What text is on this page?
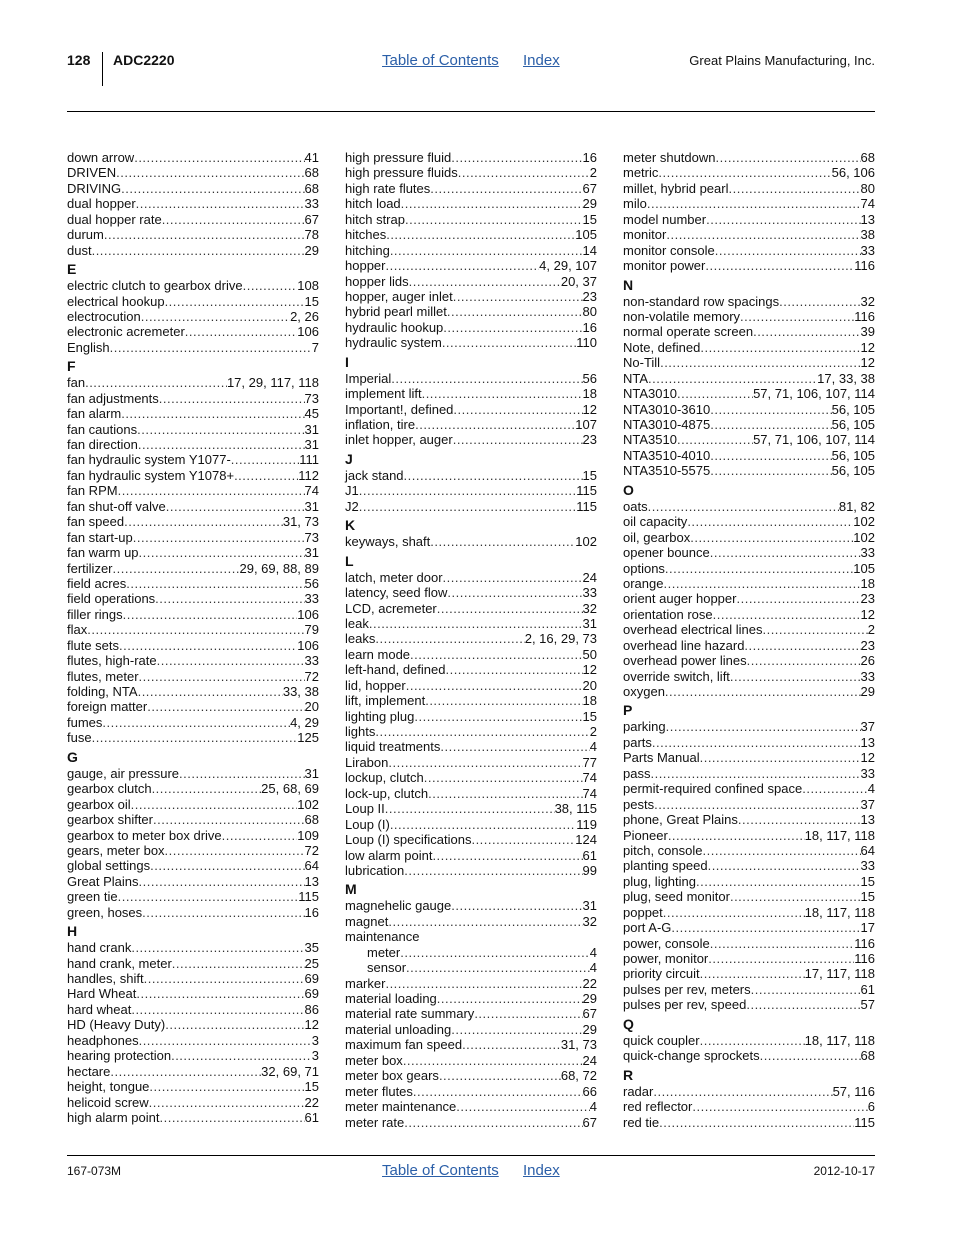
128 ADC2220	Table of Contents Index	Great Plains Manufacturing, Inc.
down arrow .....	41
DRIVEN .....	68
DRIVING .....	68
dual hopper .....	33
dual hopper rate .....	67
durum .....	78
dust .....	29
E
electric clutch to gearbox drive .....	108
electrical hookup .....	15
electrocution .....	2, 26
electronic acremeter .....	106
English .....	7
F
fan .....	17, 29, 117, 118
fan adjustments .....	73
fan alarm .....	45
fan cautions .....	31
fan direction .....	31
fan hydraulic system Y1077- .....	111
fan hydraulic system Y1078+ .....	112
fan RPM .....	74
fan shut-off valve .....	31
fan speed .....	31, 73
fan start-up .....	73
fan warm up .....	31
fertilizer .....	29, 69, 88, 89
field acres .....	56
field operations .....	33
filler rings .....	106
flax .....	79
flute sets .....	106
flutes, high-rate .....	33
flutes, meter .....	72
folding, NTA .....	33, 38
foreign matter .....	20
fumes .....	4, 29
fuse .....	125
G
gauge, air pressure .....	31
gearbox clutch .....	25, 68, 69
gearbox oil .....	102
gearbox shifter .....	68
gearbox to meter box drive .....	109
gears, meter box .....	72
global settings .....	64
Great Plains .....	13
green tie .....	115
green, hoses .....	16
H
hand crank .....	35
hand crank, meter .....	25
handles, shift .....	69
Hard Wheat .....	69
hard wheat .....	86
HD (Heavy Duty) .....	12
headphones .....	3
hearing protection .....	3
hectare .....	32, 69, 71
height, tongue .....	15
helicoid screw .....	22
high alarm point .....	61
high pressure fluid .....	16
high pressure fluids .....	2
high rate flutes .....	67
hitch load .....	29
hitch strap .....	15
hitches .....	105
hitching .....	14
hopper .....	4, 29, 107
hopper lids .....	20, 37
hopper, auger inlet .....	23
hybrid pearl millet .....	80
hydraulic hookup .....	16
hydraulic system .....	110
I
Imperial .....	56
implement lift .....	18
Important!, defined .....	12
inflation, tire .....	107
inlet hopper, auger .....	23
J
jack stand .....	15
J1 .....	115
J2 .....	115
K
keyways, shaft .....	102
L
latch, meter door .....	24
latency, seed flow .....	33
LCD, acremeter .....	32
leak .....	31
leaks .....	2, 16, 29, 73
learn mode .....	50
left-hand, defined .....	12
lid, hopper .....	20
lift, implement .....	18
lighting plug .....	15
lights .....	2
liquid treatments .....	4
Lirabon .....	77
lockup, clutch .....	74
lock-up, clutch .....	74
Loup II .....	38, 115
Loup (I) .....	119
Loup (I) specifications .....	124
low alarm point .....	61
lubrication .....	99
M
magnehelic gauge .....	31
magnet .....	32
maintenance
meter .....	4
sensor .....	4
marker .....	22
material loading .....	29
material rate summary .....	67
material unloading .....	29
maximum fan speed .....	31, 73
meter box .....	24
meter box gears .....	68, 72
meter flutes .....	66
meter maintenance .....	4
meter rate .....	67
meter shutdown .....	68
metric .....	56, 106
millet, hybrid pearl .....	80
milo .....	74
model number .....	13
monitor .....	38
monitor console .....	33
monitor power .....	116
N
non-standard row spacings .....	32
non-volatile memory .....	116
normal operate screen .....	39
Note, defined .....	12
No-Till .....	12
NTA .....	17, 33, 38
NTA3010 .....	57, 71, 106, 107, 114
NTA3010-3610 .....	56, 105
NTA3010-4875 .....	56, 105
NTA3510 .....	57, 71, 106, 107, 114
NTA3510-4010 .....	56, 105
NTA3510-5575 .....	56, 105
O
oats .....	81, 82
oil capacity .....	102
oil, gearbox .....	102
opener bounce .....	33
options .....	105
orange .....	18
orient auger hopper .....	23
orientation rose .....	12
overhead electrical lines .....	2
overhead line hazard .....	23
overhead power lines .....	26
override switch, lift .....	33
oxygen .....	29
P
parking .....	37
parts .....	13
Parts Manual .....	12
pass .....	33
permit-required confined space .....	4
pests .....	37
phone, Great Plains .....	13
Pioneer .....	18, 117, 118
pitch, console .....	64
planting speed .....	33
plug, lighting .....	15
plug, seed monitor .....	15
poppet .....	18, 117, 118
port A-G .....	17
power, console .....	116
power, monitor .....	116
priority circuit .....	17, 117, 118
pulses per rev, meters .....	61
pulses per rev, speed .....	57
Q
quick coupler .....	18, 117, 118
quick-change sprockets .....	68
R
radar .....	57, 116
red reflector .....	6
red tie .....	115
167-073M	Table of Contents Index	2012-10-17
